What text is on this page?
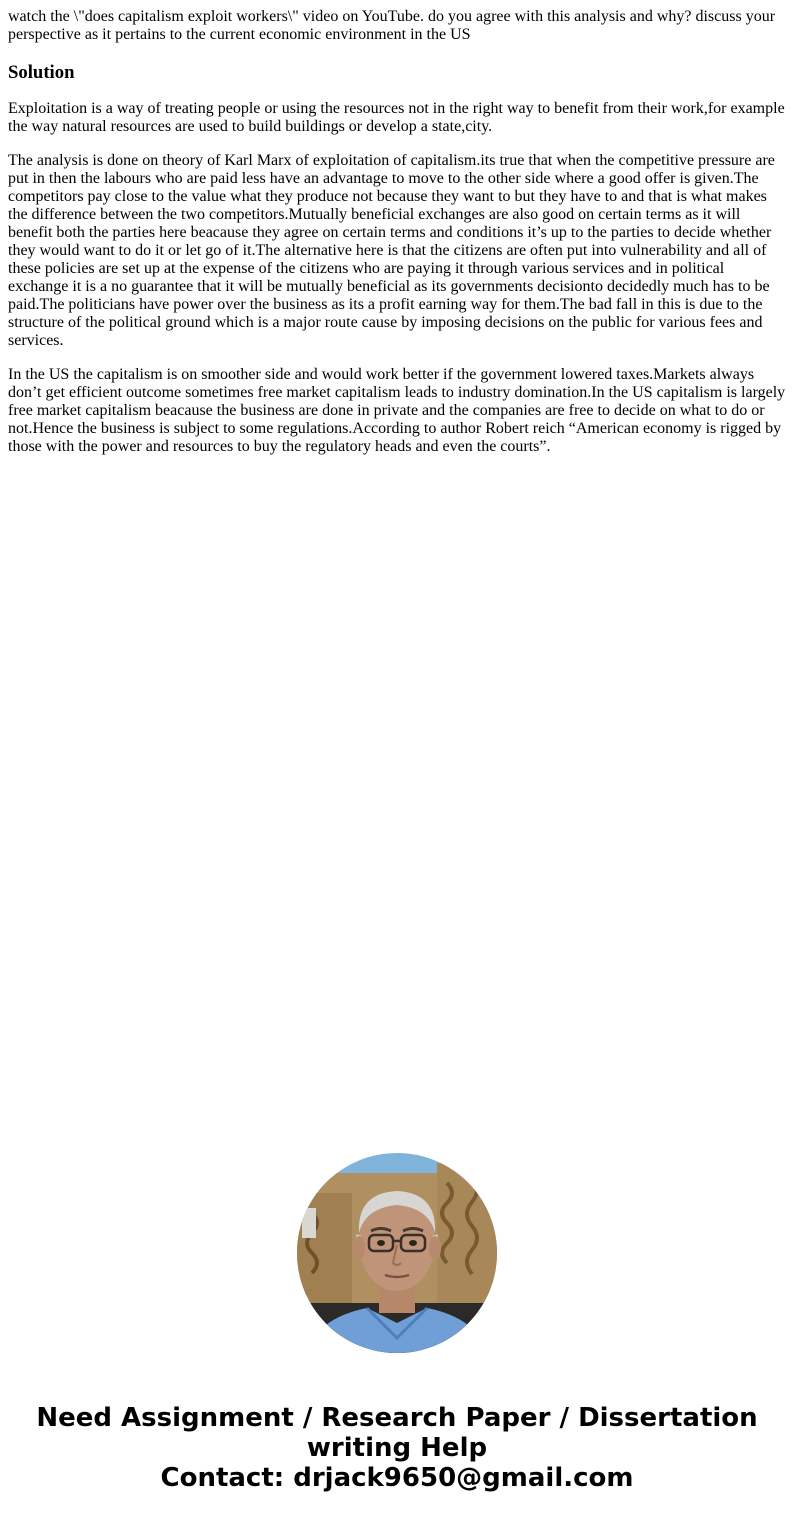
watch the \"does capitalism exploit workers\" video on YouTube. do you agree with this analysis and why? discuss your perspective as it pertains to the current economic environment in the US
Solution

Exploitation is a way of treating people or using the resources not in the right way to benefit from their work,for example the way natural resources are used to build buildings or develop a state,city.

The analysis is done on theory of Karl Marx of exploitation of capitalism.its true that when the competitive pressure are put in then the labours who are paid less have an advantage to move to the other side where a good offer is given.The competitors pay close to the value what they produce not because they want to but they have to and that is what makes the difference between the two competitors.Mutually beneficial exchanges are also good on certain terms as it will benefit both the parties here beacause they agree on certain terms and conditions it’s up to the parties to decide whether they would want to do it or let go of it.The alternative here is that the citizens are often put into vulnerability and all of these policies are set up at the expense of the citizens who are paying it through various services and in political exchange it is a no guarantee that it will be mutually beneficial as its governments decisionto decidedly much has to be paid.The politicians have power over the business as its a profit earning way for them.The bad fall in this is due to the structure of the political ground which is a major route cause by imposing decisions on the public for various fees and services.

In the US the capitalism is on smoother side and would work better if the government lowered taxes.Markets always don’t get efficient outcome sometimes free market capitalism leads to industry domination.In the US capitalism is largely free market capitalism beacause the business are done in private and the companies are free to decide on what to do or not.Hence the business is subject to some regulations.According to author Robert reich “American economy is rigged by those with the power and resources to buy the regulatory heads and even the courts”.

Need Assignment / Research Paper / Dissertation
writing Help
Contact: drjack9650@gmail.com
